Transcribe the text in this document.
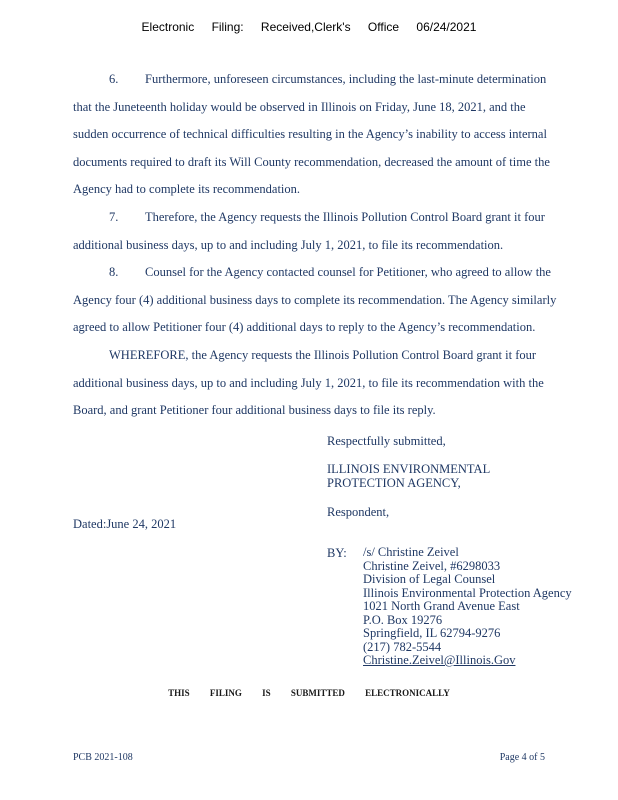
Electronic Filing: Received,Clerk's Office 06/24/2021

6. Furthermore, unforeseen circumstances, including the last-minute determination that the Juneteenth holiday would be observed in Illinois on Friday, June 18, 2021, and the sudden occurrence of technical difficulties resulting in the Agency’s inability to access internal documents required to draft its Will County recommendation, decreased the amount of time the Agency had to complete its recommendation.

7. Therefore, the Agency requests the Illinois Pollution Control Board grant it four additional business days, up to and including July 1, 2021, to file its recommendation.

8. Counsel for the Agency contacted counsel for Petitioner, who agreed to allow the Agency four (4) additional business days to complete its recommendation. The Agency similarly agreed to allow Petitioner four (4) additional days to reply to the Agency’s recommendation.

WHEREFORE, the Agency requests the Illinois Pollution Control Board grant it four additional business days, up to and including July 1, 2021, to file its recommendation with the Board, and grant Petitioner four additional business days to file its reply.

Respectfully submitted,
ILLINOIS ENVIRONMENTAL
PROTECTION AGENCY,
Respondent,
Dated:June 24, 2021
BY: /s/ Christine Zeivel
Christine Zeivel, #6298033
Division of Legal Counsel
Illinois Environmental Protection Agency
1021 North Grand Avenue East
P.O. Box 19276
Springfield, IL 62794-9276
(217) 782-5544
Christine.Zeivel@Illinois.Gov
THIS FILING IS SUBMITTED ELECTRONICALLY
PCB 2021-108	Page 4 of 5
